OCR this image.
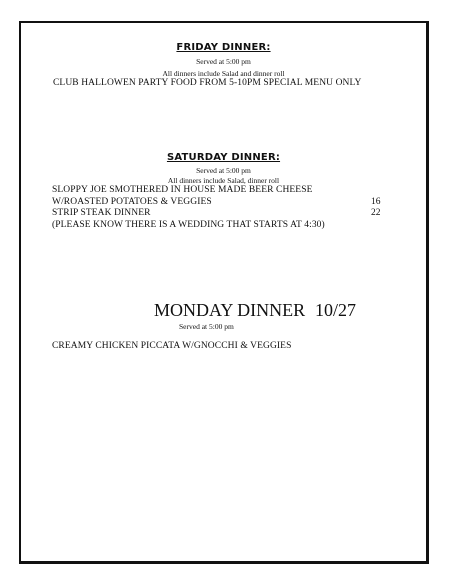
FRIDAY DINNER:
Served at 5:00 pm
All dinners include Salad and dinner roll
CLUB HALLOWEN PARTY FOOD FROM 5-10PM SPECIAL MENU ONLY
SATURDAY DINNER:
Served at 5:00 pm
All dinners include Salad, dinner roll
SLOPPY JOE SMOTHERED IN HOUSE MADE BEER CHEESE
W/ROASTED POTATOES & VEGGIES	16
STRIP STEAK DINNER	22
(PLEASE KNOW THERE IS A WEDDING THAT STARTS AT 4:30)
MONDAY DINNER 10/27
Served at 5:00 pm
CREAMY CHICKEN PICCATA W/GNOCCHI & VEGGIES
